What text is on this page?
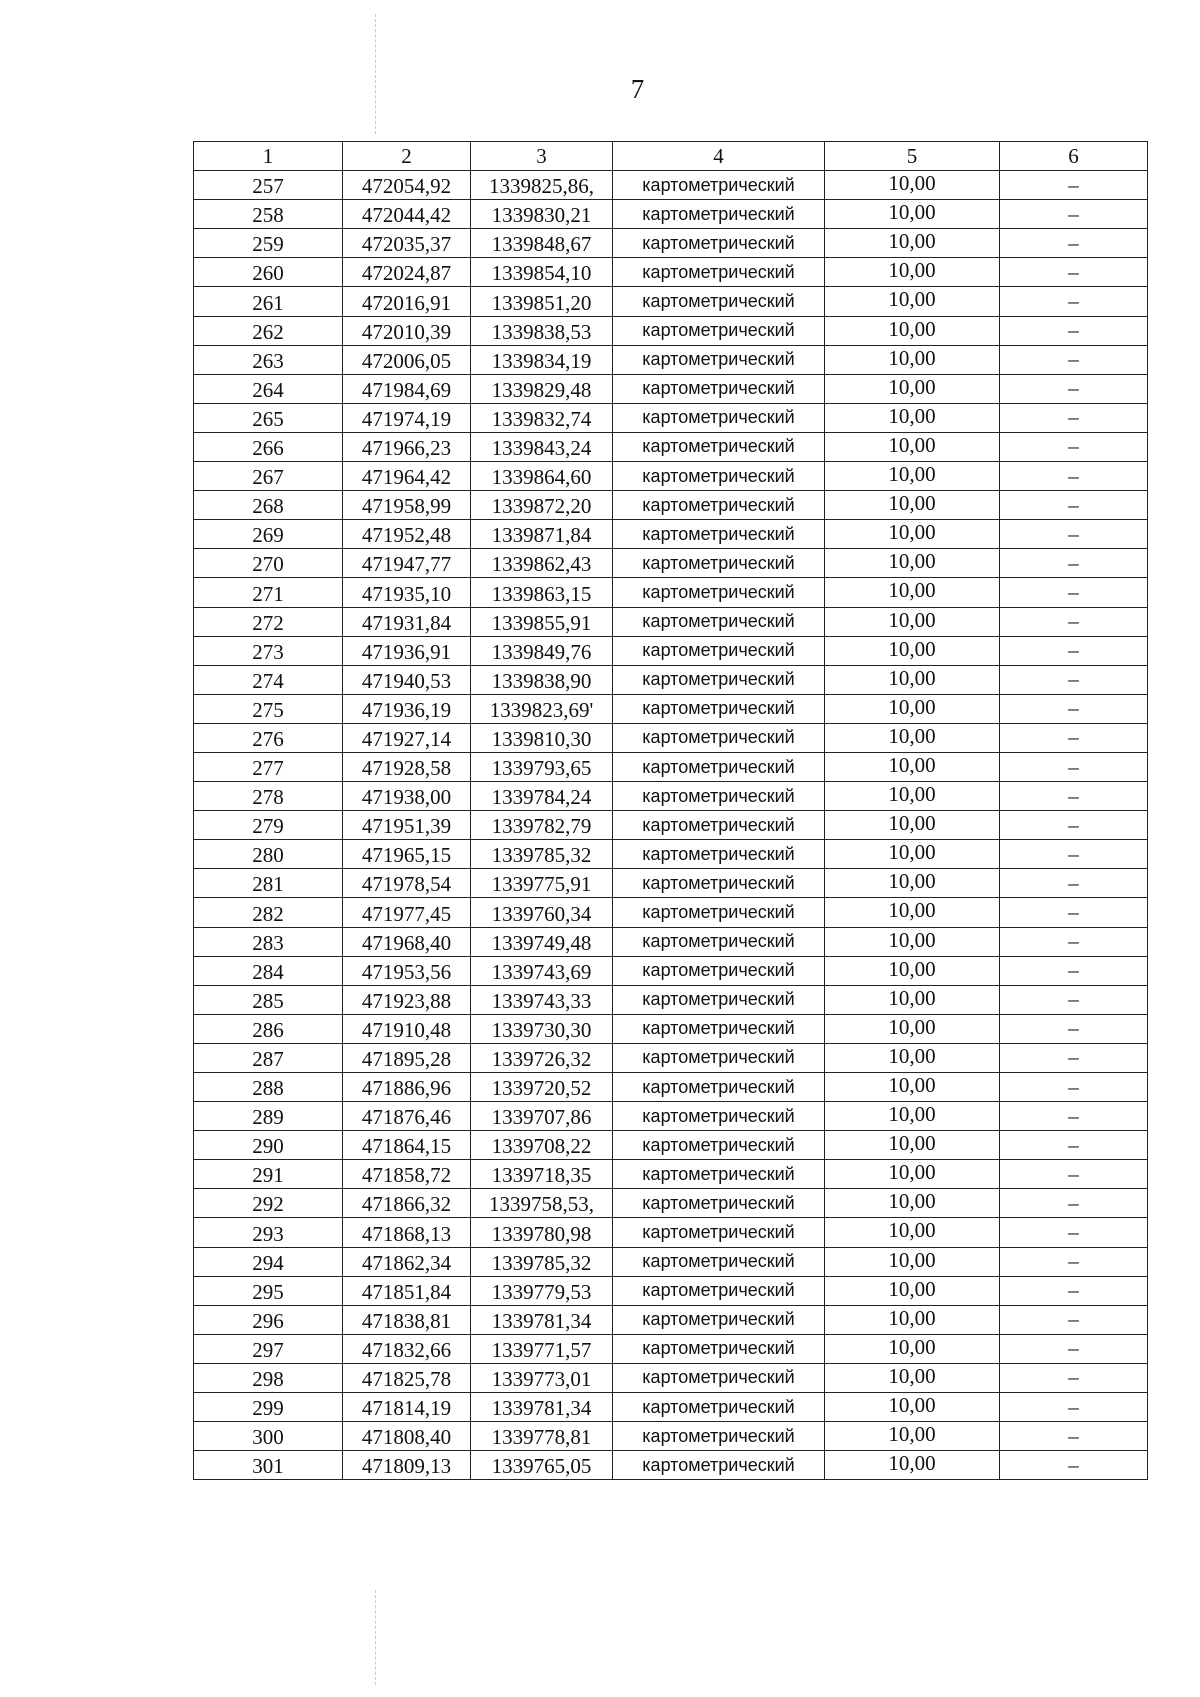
7
1	2	3	4	5	6
257	472054,92	1339825,86,	картометрический	10,00	–
258	472044,42	1339830,21	картометрический	10,00	–
259	472035,37	1339848,67	картометрический	10,00	–
260	472024,87	1339854,10	картометрический	10,00	–
261	472016,91	1339851,20	картометрический	10,00	–
262	472010,39	1339838,53	картометрический	10,00	–
263	472006,05	1339834,19	картометрический	10,00	–
264	471984,69	1339829,48	картометрический	10,00	–
265	471974,19	1339832,74	картометрический	10,00	–
266	471966,23	1339843,24	картометрический	10,00	–
267	471964,42	1339864,60	картометрический	10,00	–
268	471958,99	1339872,20	картометрический	10,00	–
269	471952,48	1339871,84	картометрический	10,00	–
270	471947,77	1339862,43	картометрический	10,00	–
271	471935,10	1339863,15	картометрический	10,00	–
272	471931,84	1339855,91	картометрический	10,00	–
273	471936,91	1339849,76	картометрический	10,00	–
274	471940,53	1339838,90	картометрический	10,00	–
275	471936,19	1339823,69'	картометрический	10,00	–
276	471927,14	1339810,30	картометрический	10,00	–
277	471928,58	1339793,65	картометрический	10,00	–
278	471938,00	1339784,24	картометрический	10,00	–
279	471951,39	1339782,79	картометрический	10,00	–
280	471965,15	1339785,32	картометрический	10,00	–
281	471978,54	1339775,91	картометрический	10,00	–
282	471977,45	1339760,34	картометрический	10,00	–
283	471968,40	1339749,48	картометрический	10,00	–
284	471953,56	1339743,69	картометрический	10,00	–
285	471923,88	1339743,33	картометрический	10,00	–
286	471910,48	1339730,30	картометрический	10,00	–
287	471895,28	1339726,32	картометрический	10,00	–
288	471886,96	1339720,52	картометрический	10,00	–
289	471876,46	1339707,86	картометрический	10,00	–
290	471864,15	1339708,22	картометрический	10,00	–
291	471858,72	1339718,35	картометрический	10,00	–
292	471866,32	1339758,53,	картометрический	10,00	–
293	471868,13	1339780,98	картометрический	10,00	–
294	471862,34	1339785,32	картометрический	10,00	–
295	471851,84	1339779,53	картометрический	10,00	–
296	471838,81	1339781,34	картометрический	10,00	–
297	471832,66	1339771,57	картометрический	10,00	–
298	471825,78	1339773,01	картометрический	10,00	–
299	471814,19	1339781,34	картометрический	10,00	–
300	471808,40	1339778,81	картометрический	10,00	–
301	471809,13	1339765,05	картометрический	10,00	–
